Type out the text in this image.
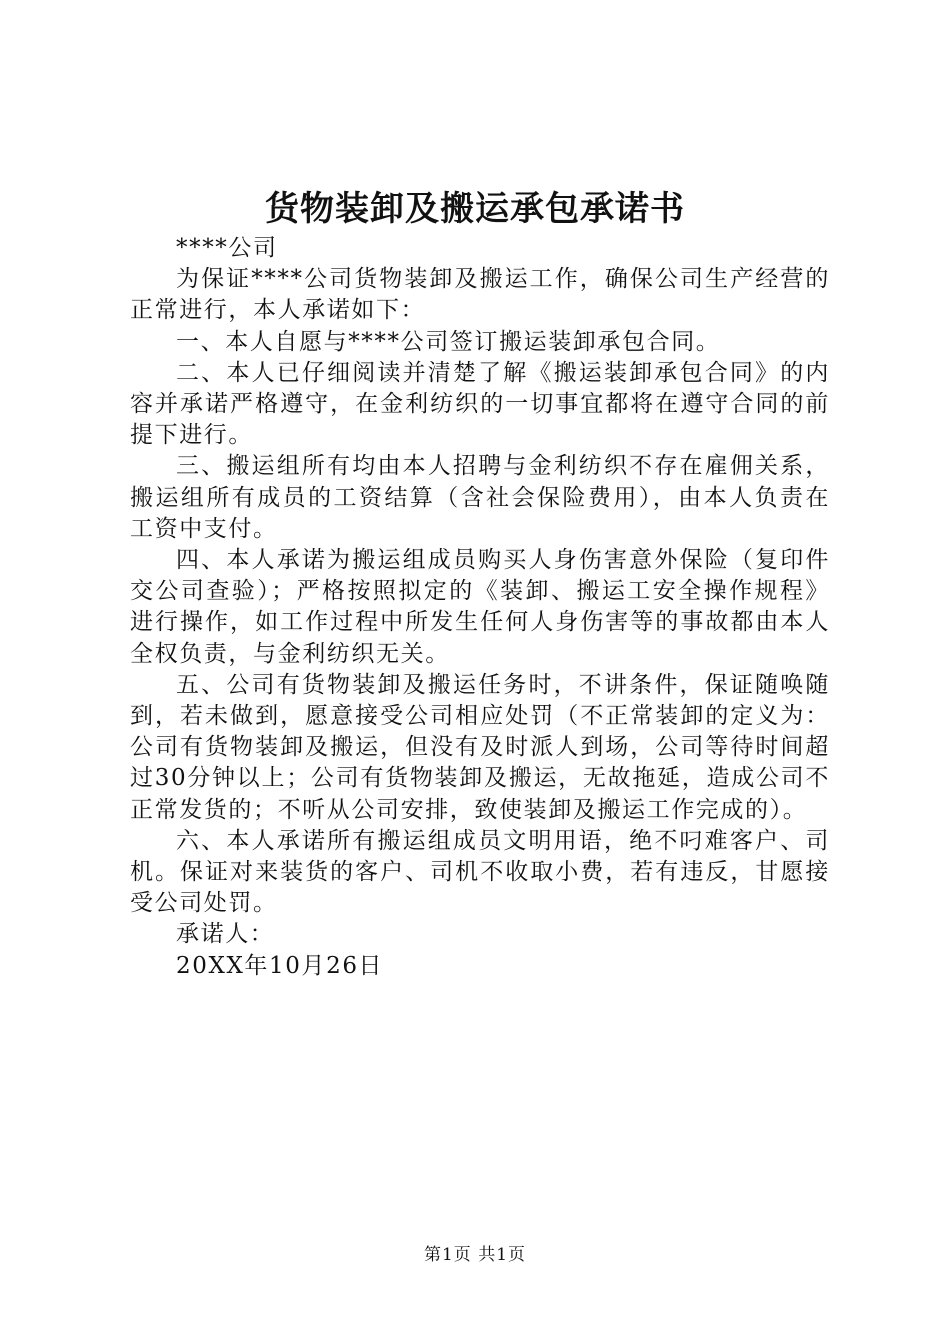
货物装卸及搬运承包承诺书

****公司

为保证****公司货物装卸及搬运工作，确保公司生产经营的正常进行，本人承诺如下：

一、本人自愿与****公司签订搬运装卸承包合同。

二、本人已仔细阅读并清楚了解《搬运装卸承包合同》的内容并承诺严格遵守，在金利纺织的一切事宜都将在遵守合同的前提下进行。

三、搬运组所有均由本人招聘与金利纺织不存在雇佣关系，搬运组所有成员的工资结算（含社会保险费用），由本人负责在工资中支付。

四、本人承诺为搬运组成员购买人身伤害意外保险（复印件交公司查验）；严格按照拟定的《装卸、搬运工安全操作规程》进行操作，如工作过程中所发生任何人身伤害等的事故都由本人全权负责，与金利纺织无关。

五、公司有货物装卸及搬运任务时，不讲条件，保证随唤随到，若未做到，愿意接受公司相应处罚（不正常装卸的定义为：公司有货物装卸及搬运，但没有及时派人到场，公司等待时间超过30分钟以上；公司有货物装卸及搬运，无故拖延，造成公司不正常发货的；不听从公司安排，致使装卸及搬运工作完成的）。

六、本人承诺所有搬运组成员文明用语，绝不叼难客户、司机。保证对来装货的客户、司机不收取小费，若有违反，甘愿接受公司处罚。

承诺人：

20XX年10月26日

第1页 共1页
